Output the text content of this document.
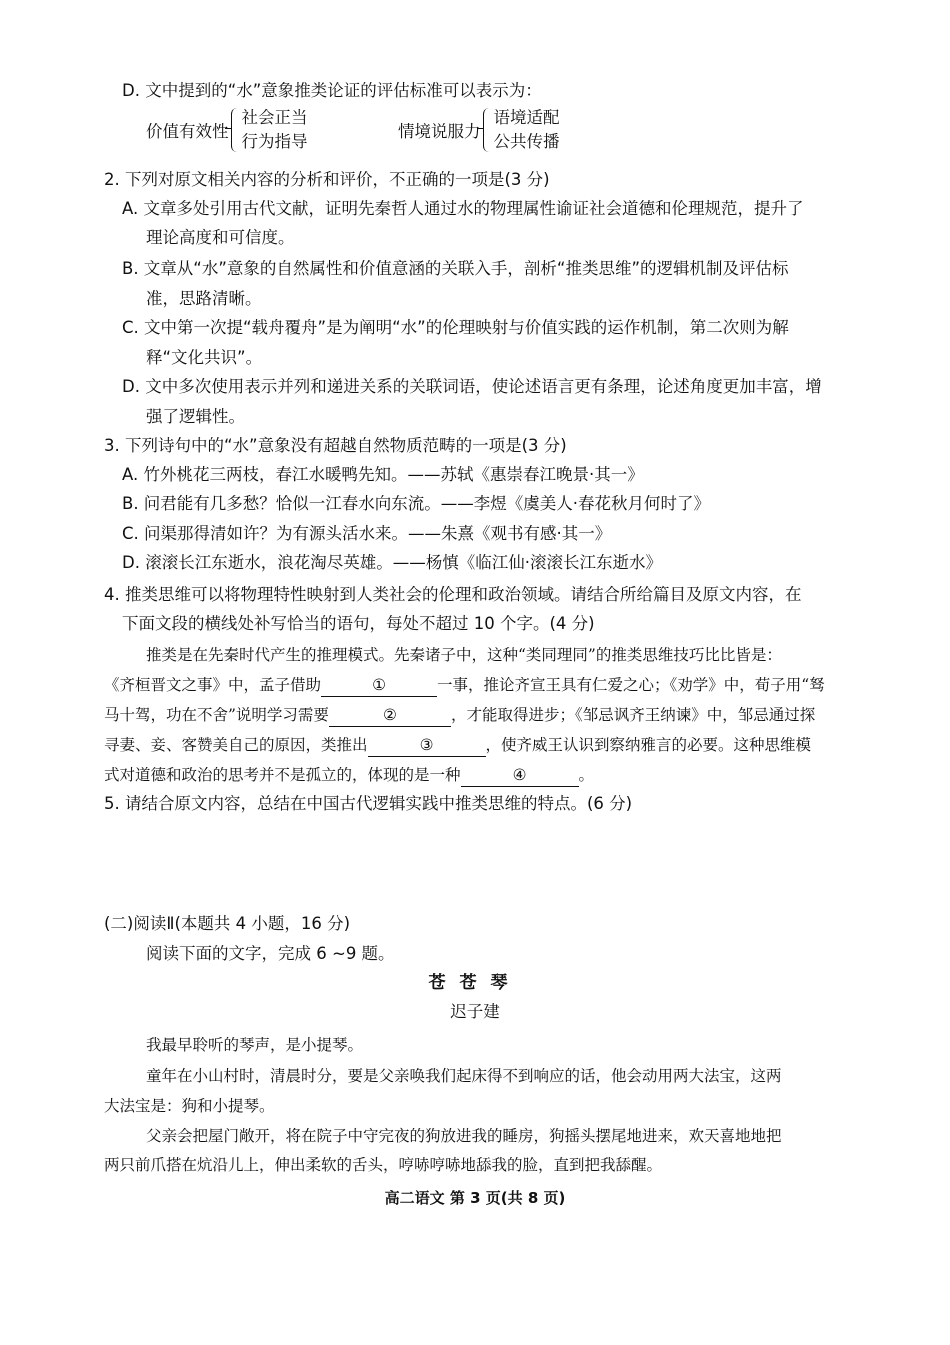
D. 文中提到的“水”意象推类论证的评估标准可以表示为：
价值有效性
社会正当
行为指导
情境说服力
语境适配
公共传播
2. 下列对原文相关内容的分析和评价，不正确的一项是(3 分)
A. 文章多处引用古代文献，证明先秦哲人通过水的物理属性谕证社会道德和伦理规范，提升了
理论高度和可信度。
B. 文章从“水”意象的自然属性和价值意涵的关联入手，剖析“推类思维”的逻辑机制及评估标
准，思路清晰。
C. 文中第一次提“载舟覆舟”是为阐明“水”的伦理映射与价值实践的运作机制，第二次则为解
释“文化共识”。
D. 文中多次使用表示并列和递进关系的关联词语，使论述语言更有条理，论述角度更加丰富，增
强了逻辑性。
3. 下列诗句中的“水”意象没有超越自然物质范畴的一项是(3 分)
A. 竹外桃花三两枝，春江水暖鸭先知。——苏轼《惠崇春江晚景·其一》
B. 问君能有几多愁？恰似一江春水向东流。——李煜《虞美人·春花秋月何时了》
C. 问渠那得清如许？为有源头活水来。——朱熹《观书有感·其一》
D. 滚滚长江东逝水，浪花淘尽英雄。——杨慎《临江仙·滚滚长江东逝水》
4. 推类思维可以将物理特性映射到人类社会的伦理和政治领域。请结合所给篇目及原文内容，在
下面文段的横线处补写恰当的语句，每处不超过 10 个字。(4 分)
推类是在先秦时代产生的推理模式。先秦诸子中，这种“类同理同”的推类思维技巧比比皆是：
《齐桓晋文之事》中，孟子借助	①	一事，推论齐宣王具有仁爱之心；《劝学》中，荀子用“驽
马十驾，功在不舍”说明学习需要	②	，才能取得进步；《邹忌讽齐王纳谏》中，邹忌通过探
寻妻、妾、客赞美自己的原因，类推出	③	，使齐威王认识到察纳雅言的必要。这种思维模
式对道德和政治的思考并不是孤立的，体现的是一种	④	。
5. 请结合原文内容，总结在中国古代逻辑实践中推类思维的特点。(6 分)
(二)阅读Ⅱ(本题共 4 小题，16 分)
阅读下面的文字，完成 6 ~9 题。
苍苍琴
迟子建
我最早聆听的琴声，是小提琴。
童年在小山村时，清晨时分，要是父亲唤我们起床得不到响应的话，他会动用两大法宝，这两
大法宝是：狗和小提琴。
父亲会把屋门敞开，将在院子中守完夜的狗放进我的睡房，狗摇头摆尾地进来，欢天喜地地把
两只前爪搭在炕沿儿上，伸出柔软的舌头，哼哧哼哧地舔我的脸，直到把我舔醒。
高二语文 第 3 页(共 8 页)
